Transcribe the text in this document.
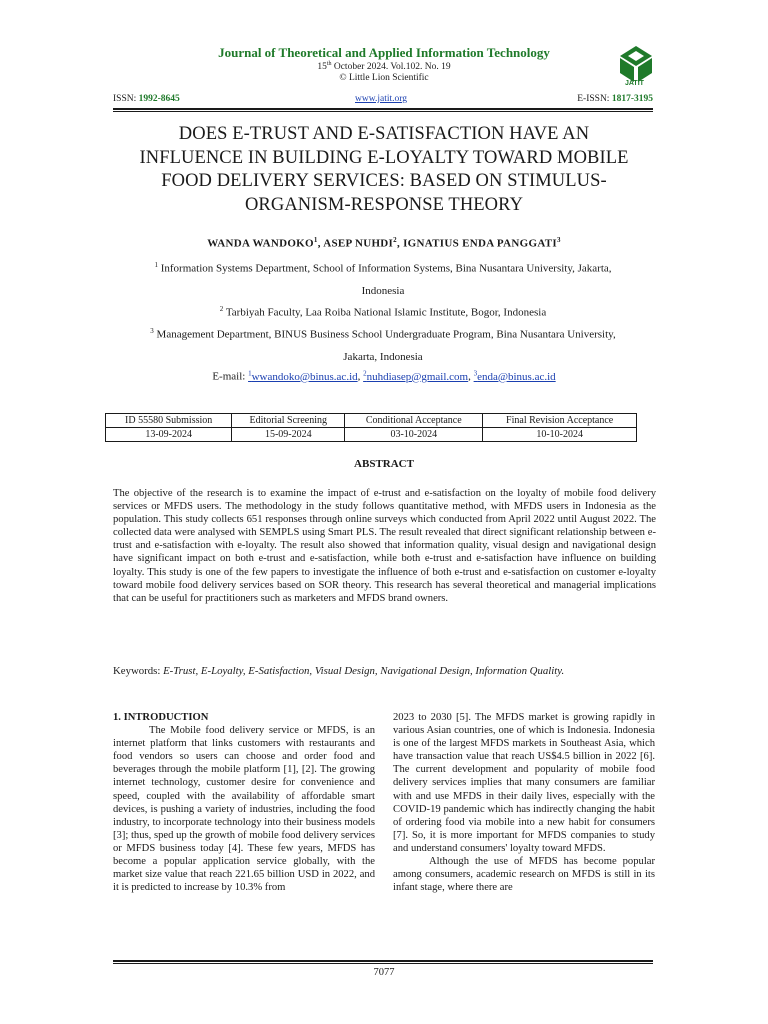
Journal of Theoretical and Applied Information Technology
15th October 2024. Vol.102. No. 19
© Little Lion Scientific
JATIT
ISSN: 1992-8645	www.jatit.org	E-ISSN: 1817-3195
DOES E-TRUST AND E-SATISFACTION HAVE AN
INFLUENCE IN BUILDING E-LOYALTY TOWARD MOBILE
FOOD DELIVERY SERVICES: BASED ON STIMULUS-
ORGANISM-RESPONSE THEORY
WANDA WANDOKO$^1$, ASEP NUHDI$^2$, IGNATIUS ENDA PANGGATI$^3$
$^1$ Information Systems Department, School of Information Systems, Bina Nusantara University, Jakarta,
Indonesia
$^2$ Tarbiyah Faculty, Laa Roiba National Islamic Institute, Bogor, Indonesia
$^3$ Management Department, BINUS Business School Undergraduate Program, Bina Nusantara University,
Jakarta, Indonesia
E-mail: $^1$wwandoko@binus.ac.id, $^2$nuhdiasep@gmail.com, $^3$enda@binus.ac.id
ID 55580 Submission	Editorial Screening	Conditional Acceptance	Final Revision Acceptance
13-09-2024	15-09-2024	03-10-2024	10-10-2024
ABSTRACT
The objective of the research is to examine the impact of e-trust and e-satisfaction on the loyalty of mobile food delivery services or MFDS users. The methodology in the study follows quantitative method, with MFDS users in Indonesia as the population. This study collects 651 responses through online surveys which conducted from April 2022 until August 2022. The collected data were analysed with SEMPLS using Smart PLS. The result revealed that direct significant relationship between e-trust and e-satisfaction with e-loyalty. The result also showed that information quality, visual design and navigational design have significant impact on both e-trust and e-satisfaction, while both e-trust and e-satisfaction have influence on building loyalty. This study is one of the few papers to investigate the influence of both e-trust and e-satisfaction on customer e-loyalty toward mobile food delivery services based on SOR theory. This research has several theoretical and managerial implications that can be useful for practitioners such as marketers and MFDS brand owners.
Keywords: E-Trust, E-Loyalty, E-Satisfaction, Visual Design, Navigational Design, Information Quality.

1. INTRODUCTION

The Mobile food delivery service or MFDS, is an internet platform that links customers with restaurants and food vendors so users can choose and order food and beverages through the mobile platform [1], [2]. The growing internet technology, customer desire for convenience and speed, coupled with the availability of affordable smart devices, is pushing a variety of industries, including the food industry, to incorporate technology into their business models [3]; thus, sped up the growth of mobile food delivery services or MFDS business today [4]. These few years, MFDS has become a popular application service globally, with the market size value that reach 221.65 billion USD in 2022, and it is predicted to increase by 10.3% from

2023 to 2030 [5]. The MFDS market is growing rapidly in various Asian countries, one of which is Indonesia. Indonesia is one of the largest MFDS markets in Southeast Asia, which have transaction value that reach US$4.5 billion in 2022 [6]. The current development and popularity of mobile food delivery services implies that many consumers are familiar with and use MFDS in their daily lives, especially with the COVID-19 pandemic which has indirectly changing the habit of ordering food via mobile into a new habit for consumers [7]. So, it is more important for MFDS companies to study and understand consumers' loyalty toward MFDS.

Although the use of MFDS has become popular among consumers, academic research on MFDS is still in its infant stage, where there are

7077
